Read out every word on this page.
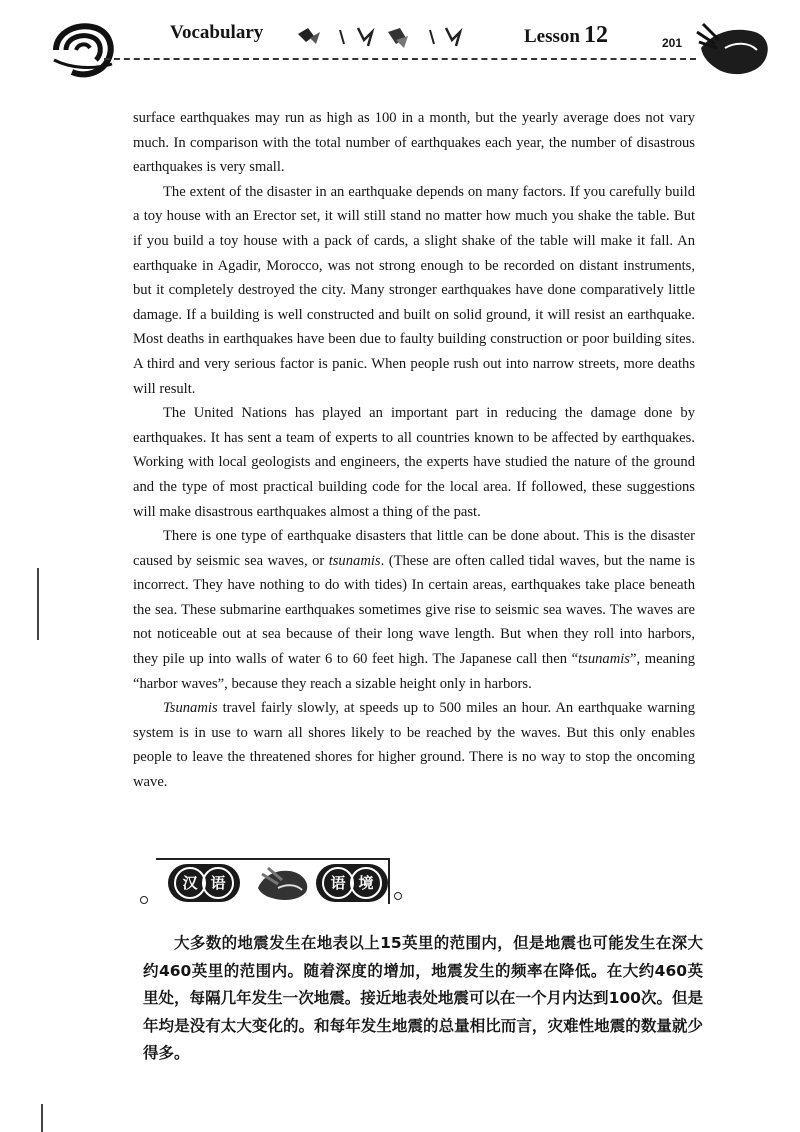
Vocabulary	Lesson 12	201

surface earthquakes may run as high as 100 in a month, but the yearly average does not vary much. In comparison with the total number of earthquakes each year, the number of disastrous earthquakes is very small.

The extent of the disaster in an earthquake depends on many factors. If you carefully build a toy house with an Erector set, it will still stand no matter how much you shake the table. But if you build a toy house with a pack of cards, a slight shake of the table will make it fall. An earthquake in Agadir, Morocco, was not strong enough to be recorded on distant instruments, but it completely destroyed the city. Many stronger earthquakes have done comparatively little damage. If a building is well constructed and built on solid ground, it will resist an earthquake. Most deaths in earthquakes have been due to faulty building construction or poor building sites. A third and very serious factor is panic. When people rush out into narrow streets, more deaths will result.

The United Nations has played an important part in reducing the damage done by earthquakes. It has sent a team of experts to all countries known to be affected by earthquakes. Working with local geologists and engineers, the experts have studied the nature of the ground and the type of most practical building code for the local area. If followed, these suggestions will make disastrous earthquakes almost a thing of the past.

There is one type of earthquake disasters that little can be done about. This is the disaster caused by seismic sea waves, or tsunamis. (These are often called tidal waves, but the name is incorrect. They have nothing to do with tides) In certain areas, earthquakes take place beneath the sea. These submarine earthquakes sometimes give rise to seismic sea waves. The waves are not noticeable out at sea because of their long wave length. But when they roll into harbors, they pile up into walls of water 6 to 60 feet high. The Japanese call then “tsunamis”, meaning “harbor waves”, because they reach a sizable height only in harbors.

Tsunamis travel fairly slowly, at speeds up to 500 miles an hour. An earthquake warning system is in use to warn all shores likely to be reached by the waves. But this only enables people to leave the threatened shores for higher ground. There is no way to stop the oncoming wave.

汉 语	语 境

大多数的地震发生在地表以上15英里的范围内，但是地震也可能发生在深大约460英里的范围内。随着深度的增加，地震发生的频率在降低。在大约460英里处，每隔几年发生一次地震。接近地表处地震可以在一个月内达到100次。但是年均是没有太大变化的。和每年发生地震的总量相比而言，灾难性地震的数量就少得多。
